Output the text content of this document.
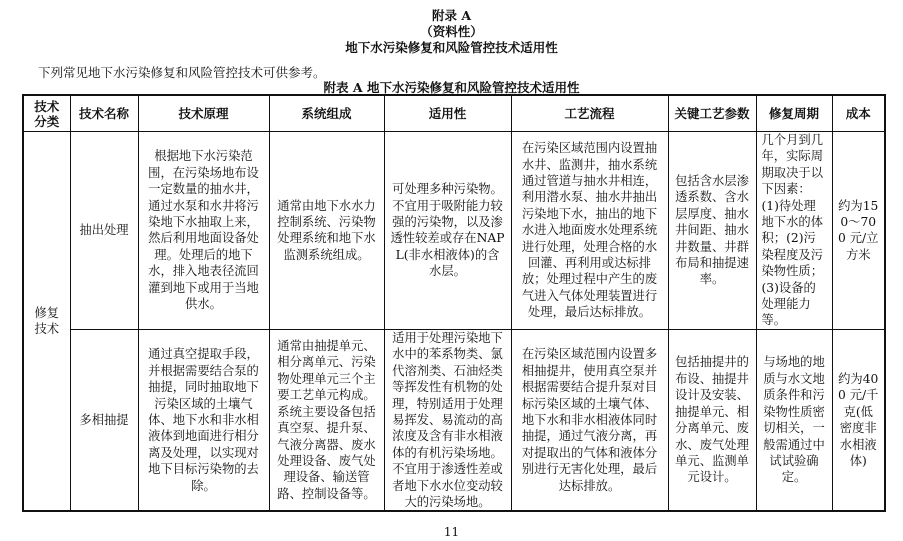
附录 A
（资料性）
地下水污染修复和风险管控技术适用性
下列常见地下水污染修复和风险管控技术可供参考。
附表 A 地下水污染修复和风险管控技术适用性
技术分类	技术名称	技术原理	系统组成	适用性	工艺流程	关键工艺参数	修复周期	成本
修复技术	抽出处理	根据地下水污染范围，在污染场地布设一定数量的抽水井，通过水泵和水井将污染地下水抽取上来，然后利用地面设备处理。处理后的地下水，排入地表径流回灌到地下或用于当地供水。	通常由地下水水力控制系统、污染物处理系统和地下水监测系统组成。	可处理多种污染物。不宜用于吸附能力较强的污染物，以及渗透性较差或存在NAPL(非水相液体)的含水层。	在污染区域范围内设置抽水井、监测井，抽水系统通过管道与抽水井相连，利用潜水泵、抽水井抽出污染地下水，抽出的地下水进入地面废水处理系统进行处理，处理合格的水回灌、再利用或达标排放；处理过程中产生的废气进入气体处理装置进行处理，最后达标排放。	包括含水层渗透系数、含水层厚度、抽水井间距、抽水井数量、井群布局和抽提速率。	几个月到几年，实际周期取决于以下因素：(1)待处理地下水的体积；(2)污染程度及污染物性质；(3)设备的处理能力等。	约为150～700 元/立方米
	多相抽提	通过真空提取手段，并根据需要结合泵的抽提，同时抽取地下污染区域的土壤气体、地下水和非水相液体到地面进行相分离及处理，以实现对地下目标污染物的去除。	通常由抽提单元、相分离单元、污染物处理单元三个主要工艺单元构成。系统主要设备包括真空泵、提升泵、气液分离器、废水处理设备、废气处理设备、输送管路、控制设备等。	适用于处理污染地下水中的苯系物类、氯代溶剂类、石油烃类等挥发性有机物的处理，特别适用于处理易挥发、易流动的高浓度及含有非水相液体的有机污染场地。不宜用于渗透性差或者地下水水位变动较大的污染场地。	在污染区域范围内设置多相抽提井，使用真空泵并根据需要结合提升泵对目标污染区域的土壤气体、地下水和非水相液体同时抽提，通过气液分离，再对提取出的气体和液体分别进行无害化处理，最后达标排放。	包括抽提井的布设、抽提井设计及安装、抽提单元、相分离单元、废水、废气处理单元、监测单元设计。	与场地的地质与水文地质条件和污染物性质密切相关，一般需通过中试试验确定。	约为400 元/千克(低密度非水相液体)
11
